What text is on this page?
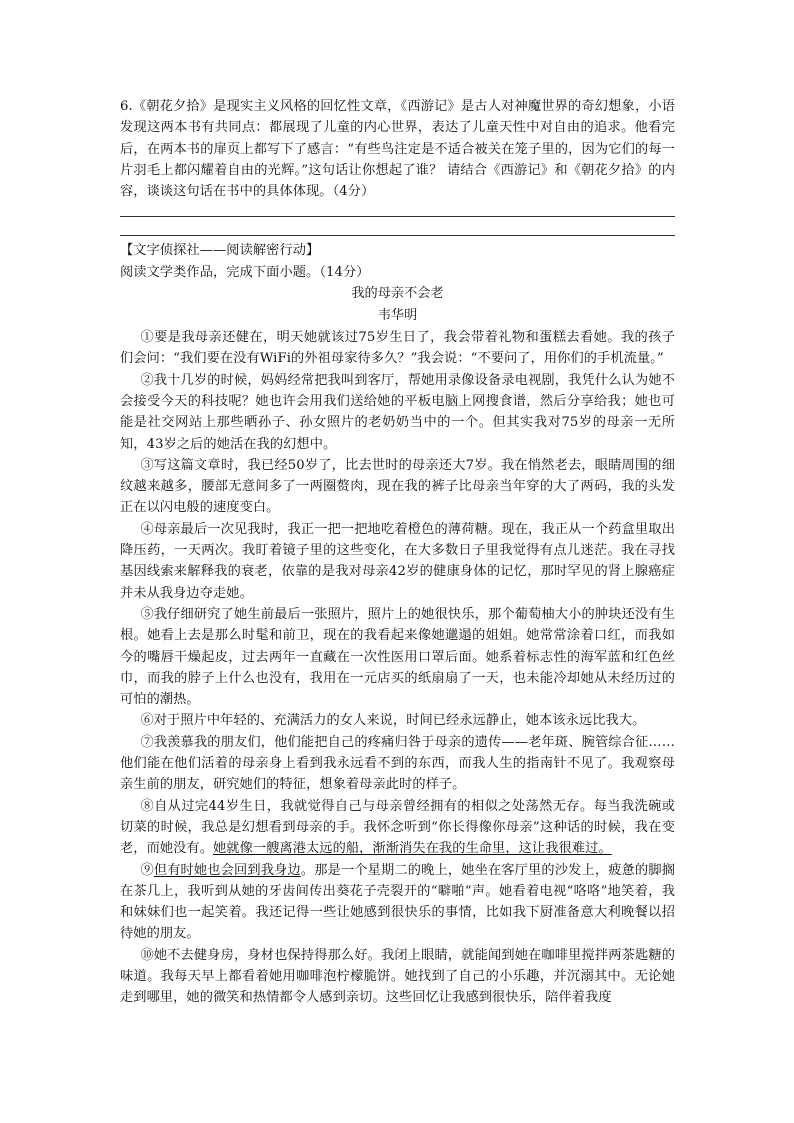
6.《朝花夕拾》是现实主义风格的回忆性文章，《西游记》是古人对神魔世界的奇幻想象，小语发现这两本书有共同点：都展现了儿童的内心世界，表达了儿童天性中对自由的追求。他看完后，在两本书的扉页上都写下了感言：“有些鸟注定是不适合被关在笼子里的，因为它们的每一片羽毛上都闪耀着自由的光辉。”这句话让你想起了谁？ 请结合《西游记》和《朝花夕拾》的内容，谈谈这句话在书中的具体体现。（4分）

【文字侦探社——阅读解密行动】

阅读文学类作品，完成下面小题。（14分）

我的母亲不会老

韦华明

①要是我母亲还健在，明天她就该过75岁生日了，我会带着礼物和蛋糕去看她。我的孩子们会问：“我们要在没有WiFi的外祖母家待多久？”我会说：“不要问了，用你们的手机流量。”

②我十几岁的时候，妈妈经常把我叫到客厅，帮她用录像设备录电视剧，我凭什么认为她不会接受今天的科技呢？她也许会用我们送给她的平板电脑上网搜食谱，然后分享给我；她也可能是社交网站上那些晒孙子、孙女照片的老奶奶当中的一个。但其实我对75岁的母亲一无所知，43岁之后的她活在我的幻想中。

③写这篇文章时，我已经50岁了，比去世时的母亲还大7岁。我在悄然老去，眼睛周围的细纹越来越多，腰部无意间多了一两圈赘肉，现在我的裤子比母亲当年穿的大了两码，我的头发正在以闪电般的速度变白。

④母亲最后一次见我时，我正一把一把地吃着橙色的薄荷糖。现在，我正从一个药盒里取出降压药，一天两次。我盯着镜子里的这些变化，在大多数日子里我觉得有点儿迷茫。我在寻找基因线索来解释我的衰老，依靠的是我对母亲42岁的健康身体的记忆，那时罕见的肾上腺癌症并未从我身边夺走她。

⑤我仔细研究了她生前最后一张照片，照片上的她很快乐，那个葡萄柚大小的肿块还没有生根。她看上去是那么时髦和前卫，现在的我看起来像她邋遢的姐姐。她常常涂着口红，而我如今的嘴唇干燥起皮，过去两年一直藏在一次性医用口罩后面。她系着标志性的海军蓝和红色丝巾，而我的脖子上什么也没有，我用在一元店买的纸扇扇了一天，也未能冷却她从未经历过的可怕的潮热。

⑥对于照片中年轻的、充满活力的女人来说，时间已经永远静止，她本该永远比我大。

⑦我羡慕我的朋友们，他们能把自己的疼痛归咎于母亲的遗传——老年斑、腕管综合征……他们能在他们活着的母亲身上看到我永远看不到的东西，而我人生的指南针不见了。我观察母亲生前的朋友，研究她们的特征，想象着母亲此时的样子。

⑧自从过完44岁生日，我就觉得自己与母亲曾经拥有的相似之处荡然无存。每当我洗碗或切菜的时候，我总是幻想看到母亲的手。我怀念听到“你长得像你母亲”这种话的时候，我在变老，而她没有。她就像一艘离港太远的船，渐渐消失在我的生命里，这让我很难过。

⑨但有时她也会回到我身边。那是一个星期二的晚上，她坐在客厅里的沙发上，疲惫的脚搁在茶几上，我听到从她的牙齿间传出葵花子壳裂开的“噼啪”声。她看着电视“咯咯”地笑着，我和妹妹们也一起笑着。我还记得一些让她感到很快乐的事情，比如我下厨准备意大利晚餐以招待她的朋友。

⑩她不去健身房，身材也保持得那么好。我闭上眼睛，就能闻到她在咖啡里搅拌两茶匙糖的味道。我每天早上都看着她用咖啡泡柠檬脆饼。她找到了自己的小乐趣，并沉溺其中。无论她走到哪里，她的微笑和热情都令人感到亲切。这些回忆让我感到很快乐，陪伴着我度
